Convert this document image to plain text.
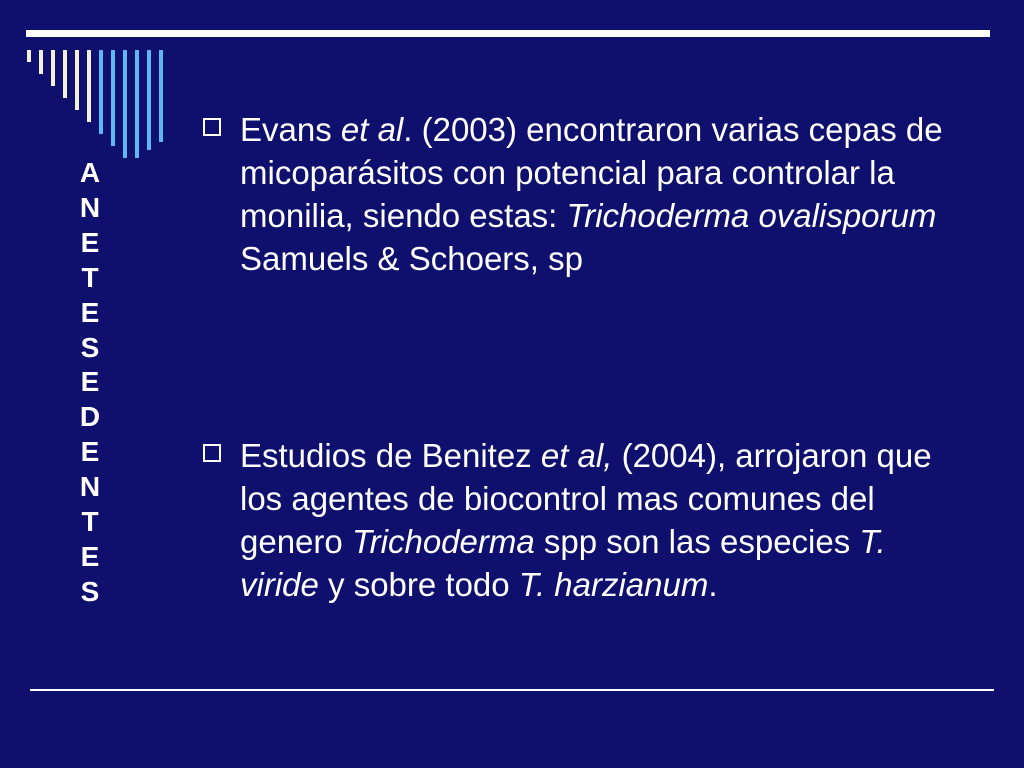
A
N
E
T
E
S
E
D
E
N
T
E
S
Evans et al. (2003) encontraron varias cepas de micoparásitos con potencial para controlar la monilia, siendo estas: Trichoderma ovalisporum Samuels & Schoers, sp
Estudios de Benitez et al, (2004), arrojaron que los agentes de biocontrol mas comunes del genero Trichoderma spp son las especies T. viride y sobre todo T. harzianum.
